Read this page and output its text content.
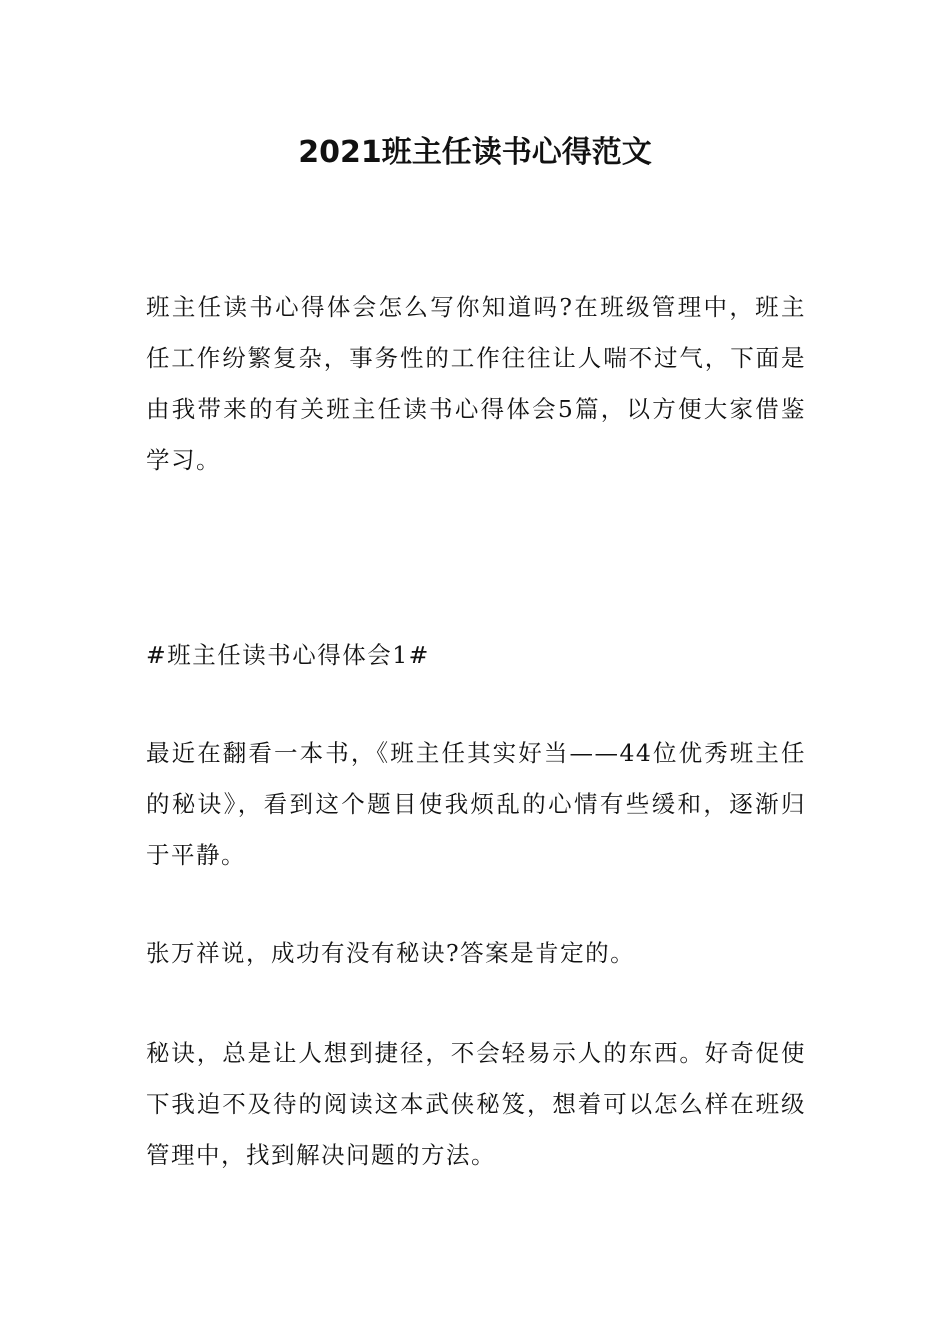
2021班主任读书心得范文

班主任读书心得体会怎么写你知道吗?在班级管理中，班主任工作纷繁复杂，事务性的工作往往让人喘不过气，下面是由我带来的有关班主任读书心得体会5篇，以方便大家借鉴学习。

#班主任读书心得体会1#

最近在翻看一本书，《班主任其实好当——44位优秀班主任的秘诀》，看到这个题目使我烦乱的心情有些缓和，逐渐归于平静。

张万祥说，成功有没有秘诀?答案是肯定的。

秘诀，总是让人想到捷径，不会轻易示人的东西。好奇促使下我迫不及待的阅读这本武侠秘笈，想着可以怎么样在班级管理中，找到解决问题的方法。
